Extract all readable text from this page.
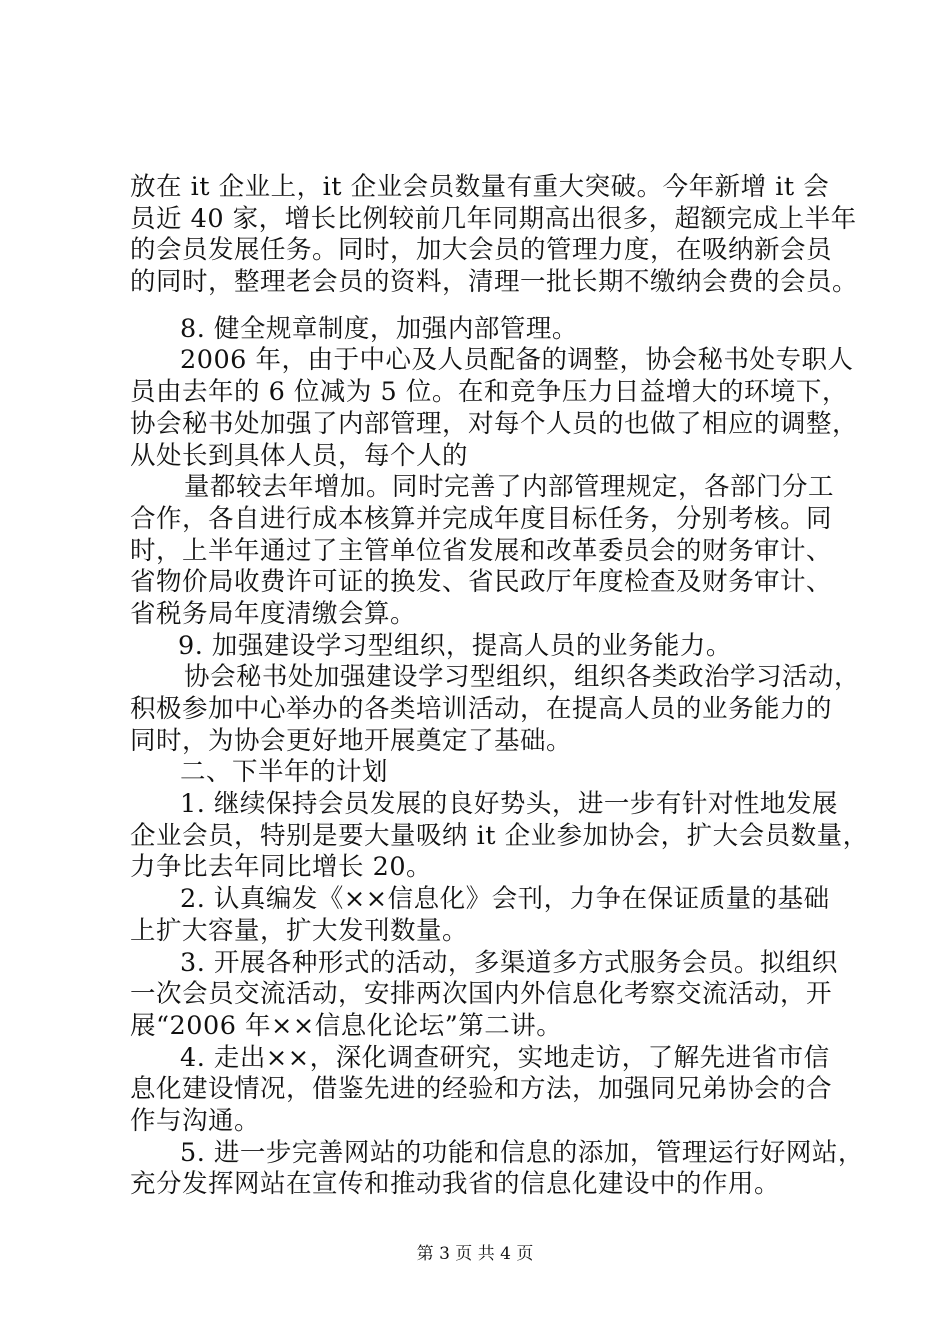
放在 it 企业上，it 企业会员数量有重大突破。今年新增 it 会
员近 40 家，增长比例较前几年同期高出很多，超额完成上半年
的会员发展任务。同时，加大会员的管理力度，在吸纳新会员
的同时，整理老会员的资料，清理一批长期不缴纳会费的会员。
8. 健全规章制度，加强内部管理。
2006 年，由于中心及人员配备的调整，协会秘书处专职人
员由去年的 6 位减为 5 位。在和竞争压力日益增大的环境下，
协会秘书处加强了内部管理，对每个人员的也做了相应的调整，
从处长到具体人员，每个人的
量都较去年增加。同时完善了内部管理规定，各部门分工
合作，各自进行成本核算并完成年度目标任务，分别考核。同
时，上半年通过了主管单位省发展和改革委员会的财务审计、
省物价局收费许可证的换发、省民政厅年度检查及财务审计、
省税务局年度清缴会算。
9. 加强建设学习型组织，提高人员的业务能力。
协会秘书处加强建设学习型组织，组织各类政治学习活动，
积极参加中心举办的各类培训活动，在提高人员的业务能力的
同时，为协会更好地开展奠定了基础。
二、下半年的计划
1. 继续保持会员发展的良好势头，进一步有针对性地发展
企业会员，特别是要大量吸纳 it 企业参加协会，扩大会员数量，
力争比去年同比增长 20。
2. 认真编发《××信息化》会刊，力争在保证质量的基础
上扩大容量，扩大发刊数量。
3. 开展各种形式的活动，多渠道多方式服务会员。拟组织
一次会员交流活动，安排两次国内外信息化考察交流活动，开
展“2006 年××信息化论坛”第二讲。
4. 走出××，深化调查研究，实地走访，了解先进省市信
息化建设情况，借鉴先进的经验和方法，加强同兄弟协会的合
作与沟通。
5. 进一步完善网站的功能和信息的添加，管理运行好网站，
充分发挥网站在宣传和推动我省的信息化建设中的作用。
第 3 页 共 4 页
